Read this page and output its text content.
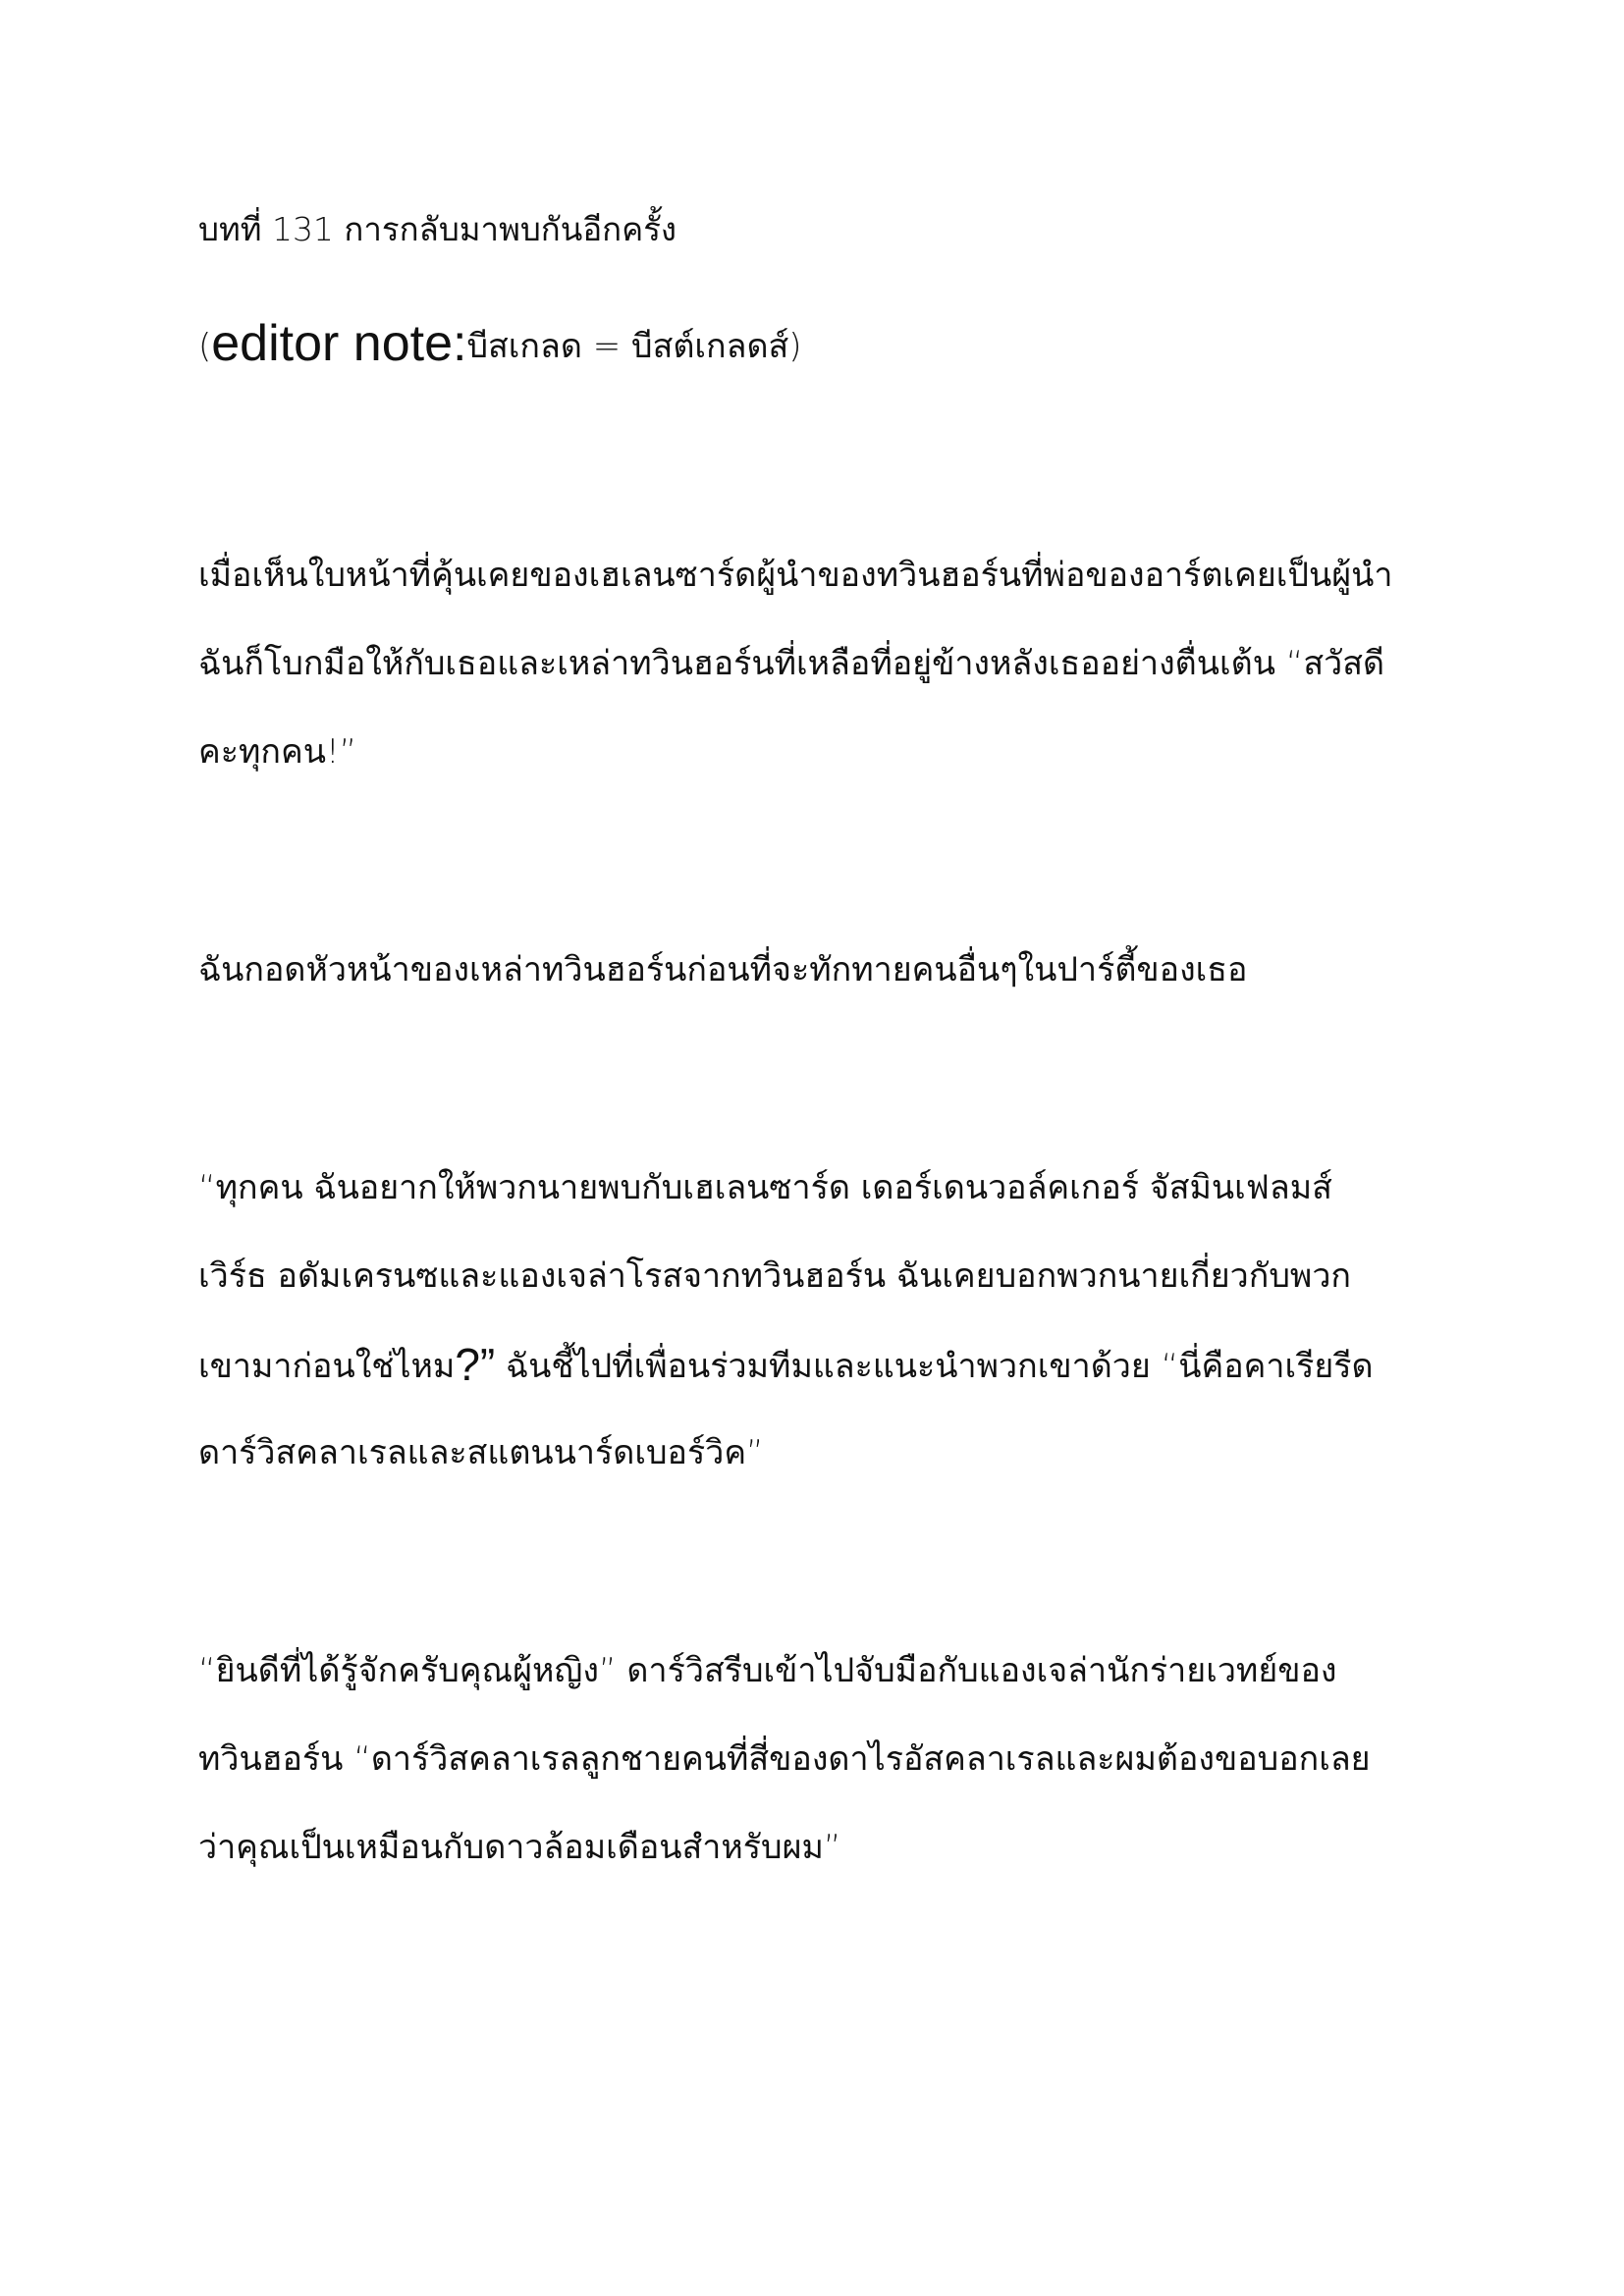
บทที่ 131 การกลับมาพบกันอีกครั้ง
(editor note:บีสเกลด = บีสต์เกลดส์)
เมื่อเห็นใบหน้าที่คุ้นเคยของเฮเลนซาร์ดผู้นำของทวินฮอร์นที่พ่อของอาร์ตเคยเป็นผู้นำ
ฉันก็โบกมือให้กับเธอและเหล่าทวินฮอร์นที่เหลือที่อยู่ข้างหลังเธออย่างตื่นเต้น “สวัสดี
คะทุกคน!”
ฉันกอดหัวหน้าของเหล่าทวินฮอร์นก่อนที่จะทักทายคนอื่นๆในปาร์ตี้ของเธอ
“ทุกคน ฉันอยากให้พวกนายพบกับเฮเลนซาร์ด เดอร์เดนวอล์คเกอร์ จัสมินเฟลมส์
เวิร์ธ อดัมเครนซและแองเจล่าโรสจากทวินฮอร์น ฉันเคยบอกพวกนายเกี่ยวกับพวก
เขามาก่อนใช่ไหม?” ฉันชี้ไปที่เพื่อนร่วมทีมและแนะนำพวกเขาด้วย “นี่คือคาเรียรีด
ดาร์วิสคลาเรลและสแตนนาร์ดเบอร์วิค”
“ยินดีที่ได้รู้จักครับคุณผู้หญิง” ดาร์วิสรีบเข้าไปจับมือกับแองเจล่านักร่ายเวทย์ของ
ทวินฮอร์น “ดาร์วิสคลาเรลลูกชายคนที่สี่ของดาไรอัสคลาเรลและผมต้องขอบอกเลย
ว่าคุณเป็นเหมือนกับดาวล้อมเดือนสำหรับผม”
